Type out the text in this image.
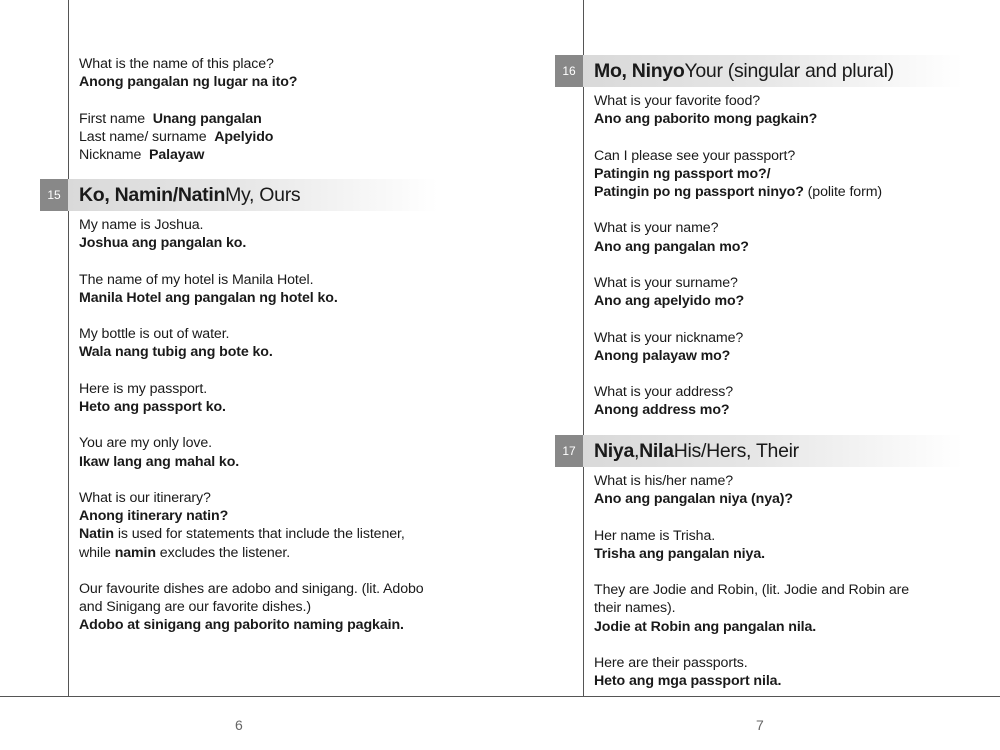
6	7
What is the name of this place?
Anong pangalan ng lugar na ito?
First name Unang pangalan
Last name/ surname Apelyido
Nickname Palayaw
15 Ko, Namin/Natin My, Ours
My name is Joshua.
Joshua ang pangalan ko.
The name of my hotel is Manila Hotel.
Manila Hotel ang pangalan ng hotel ko.
My bottle is out of water.
Wala nang tubig ang bote ko.
Here is my passport.
Heto ang passport ko.
You are my only love.
Ikaw lang ang mahal ko.
What is our itinerary?
Anong itinerary natin?
Natin is used for statements that include the listener,
while namin excludes the listener.
Our favourite dishes are adobo and sinigang. (lit. Adobo
and Sinigang are our favorite dishes.)
Adobo at sinigang ang paborito naming pagkain.
16 Mo, Ninyo Your (singular and plural)
What is your favorite food?
Ano ang paborito mong pagkain?
Can I please see your passport?
Patingin ng passport mo?/
Patingin po ng passport ninyo? (polite form)
What is your name?
Ano ang pangalan mo?
What is your surname?
Ano ang apelyido mo?
What is your nickname?
Anong palayaw mo?
What is your address?
Anong address mo?
17 Niya , Nila His/Hers, Their
What is his/her name?
Ano ang pangalan niya (nya)?
Her name is Trisha.
Trisha ang pangalan niya.
They are Jodie and Robin, (lit. Jodie and Robin are
their names).
Jodie at Robin ang pangalan nila.
Here are their passports.
Heto ang mga passport nila.
